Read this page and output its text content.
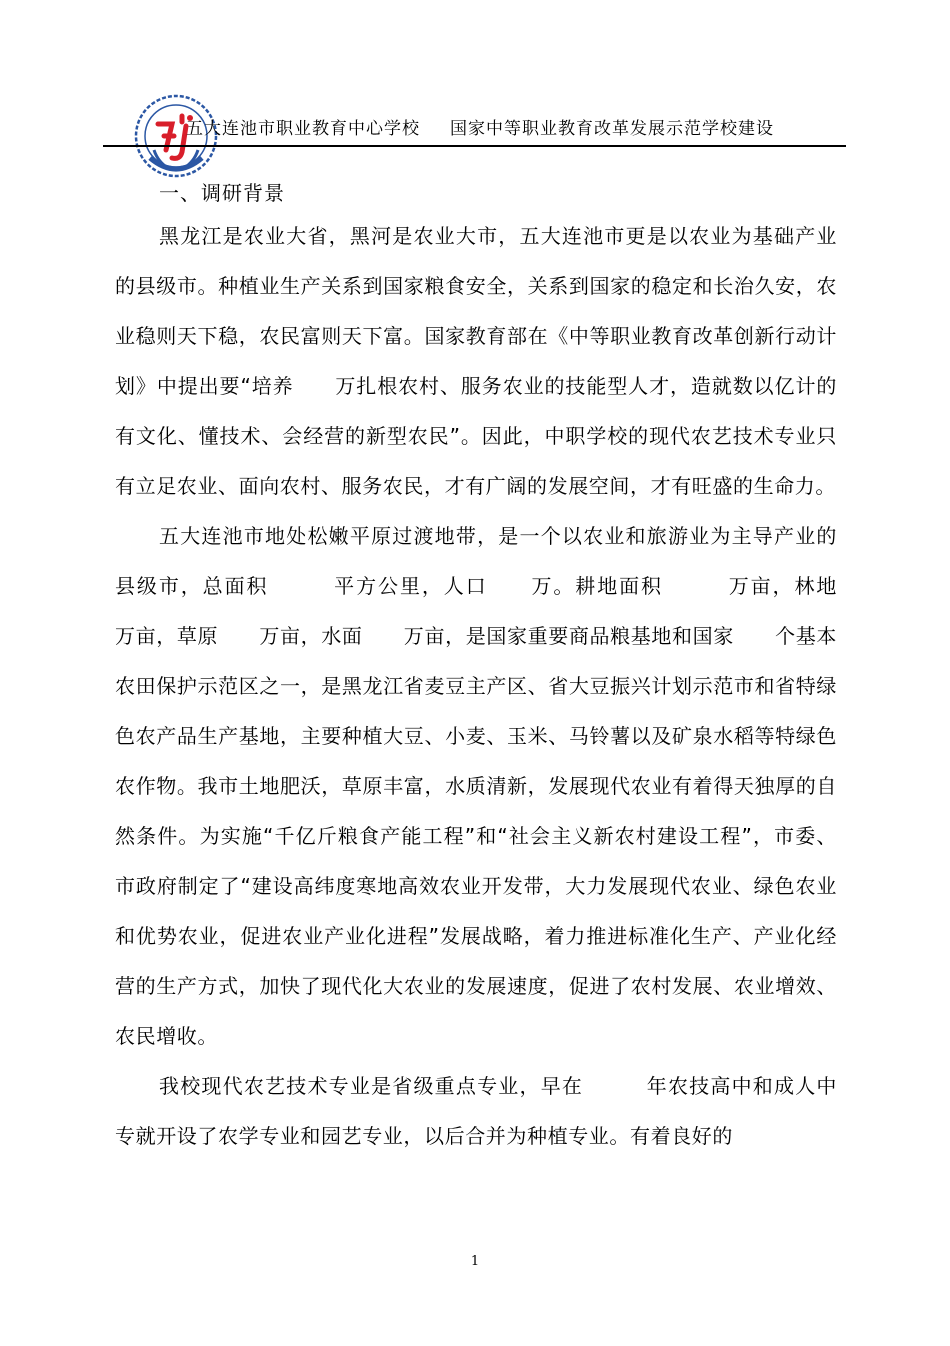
五大连池市职业教育中心学校 国家中等职业教育改革发展示范学校建设
一、调研背景

黑龙江是农业大省，黑河是农业大市，五大连池市更是以农业为基础产业的县级市。种植业生产关系到国家粮食安全，关系到国家的稳定和长治久安，农业稳则天下稳，农民富则天下富。国家教育部在《中等职业教育改革创新行动计划》中提出要“培养　　万扎根农村、服务农业的技能型人才，造就数以亿计的有文化、懂技术、会经营的新型农民”。因此，中职学校的现代农艺技术专业只有立足农业、面向农村、服务农民，才有广阔的发展空间，才有旺盛的生命力。

五大连池市地处松嫩平原过渡地带，是一个以农业和旅游业为主导产业的县级市，总面积　　　平方公里，人口　　万。耕地面积　　　万亩，林地　　万亩，草原　　万亩，水面　　万亩，是国家重要商品粮基地和国家　　个基本农田保护示范区之一，是黑龙江省麦豆主产区、省大豆振兴计划示范市和省特绿色农产品生产基地，主要种植大豆、小麦、玉米、马铃薯以及矿泉水稻等特绿色农作物。我市土地肥沃，草原丰富，水质清新，发展现代农业有着得天独厚的自然条件。为实施“千亿斤粮食产能工程”和“社会主义新农村建设工程”，市委、市政府制定了“建设高纬度寒地高效农业开发带，大力发展现代农业、绿色农业和优势农业，促进农业产业化进程”发展战略，着力推进标准化生产、产业化经营的生产方式，加快了现代化大农业的发展速度，促进了农村发展、农业增效、农民增收。

我校现代农艺技术专业是省级重点专业，早在　　　年农技高中和成人中专就开设了农学专业和园艺专业，以后合并为种植专业。有着良好的

1
